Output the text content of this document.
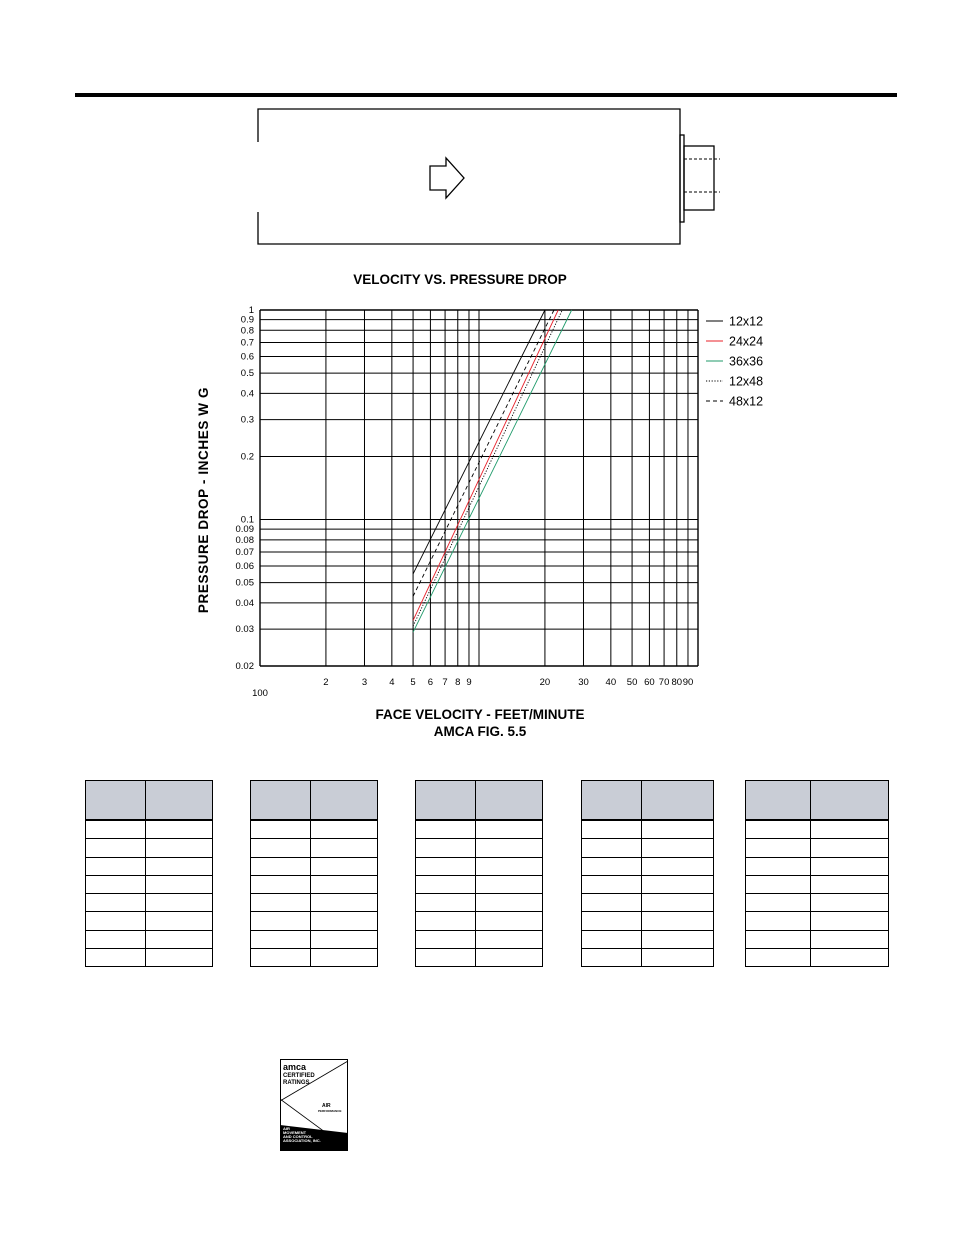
VELOCITY VS. PRESSURE DROP
1
0.9
0.8
0.7
0.6
0.5
0.4
0.3
0.2
0.1
0.09
0.08
0.07
0.06
0.05
0.04
0.03
0.02
100
2	3 4 5 6 7 8 9	20	30 40 50 60 70 80 90
12x12
24x24
36x36
12x48
48x12
PRESSURE DROP - INCHES W G
FACE VELOCITY - FEET/MINUTE
AMCA FIG. 5.5

amca
CERTIFIED
RATINGS
AIR
PERFORMANCE
AIR
MOVEMENT
AND CONTROL
ASSOCIATION, INC.
